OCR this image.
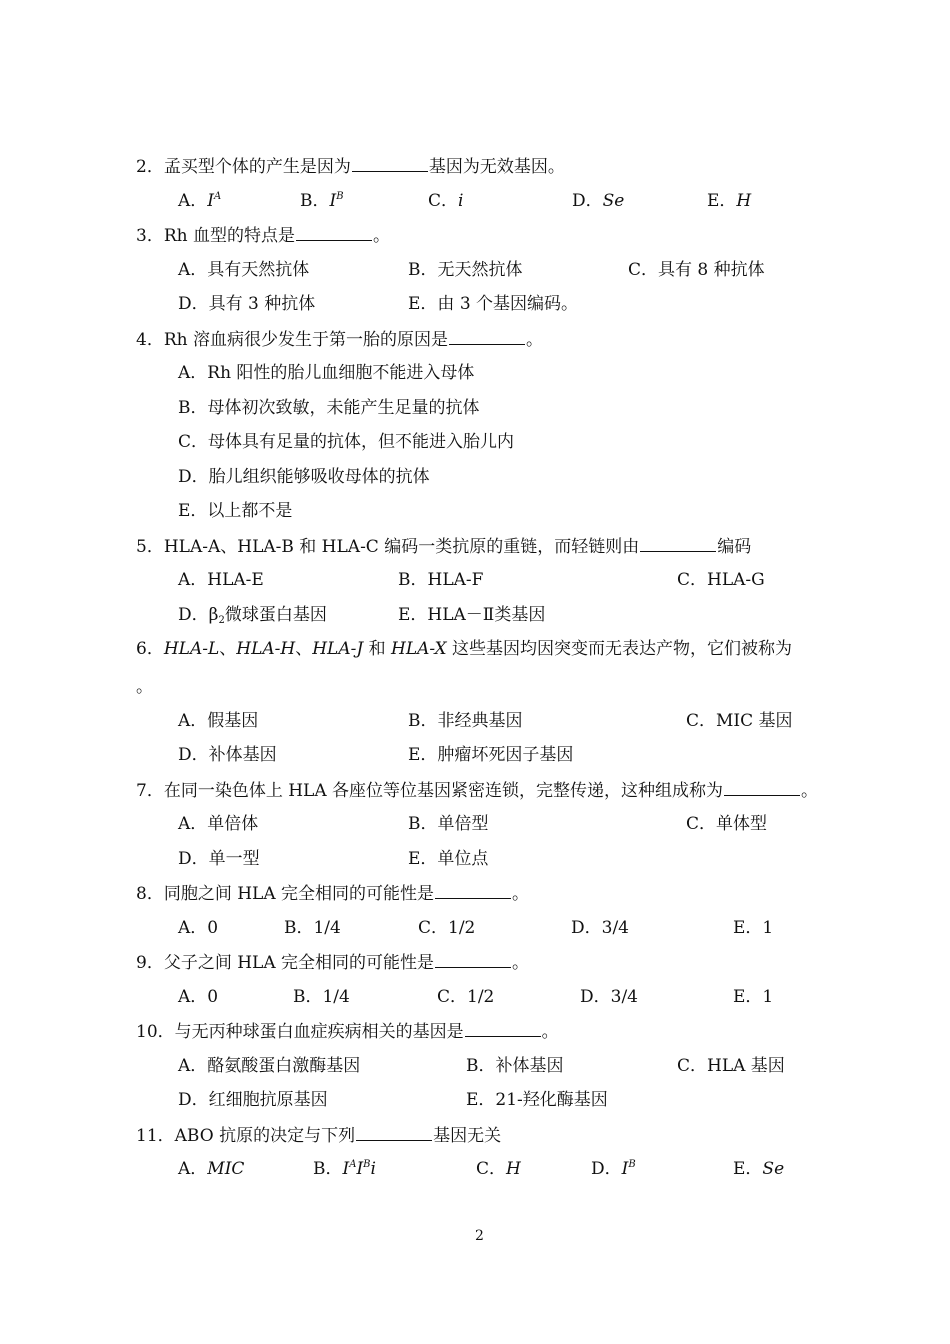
2．孟买型个体的产生是因为	基因为无效基因。
A．$I^A$	B．$I^B$	C．i	D．Se	E．H
3．Rh 血型的特点是	。
A．具有天然抗体	B．无天然抗体	C．具有 8 种抗体
D．具有 3 种抗体	E．由 3 个基因编码。
4．Rh 溶血病很少发生于第一胎的原因是	。
A．Rh 阳性的胎儿血细胞不能进入母体
B．母体初次致敏，未能产生足量的抗体
C．母体具有足量的抗体，但不能进入胎儿内
D．胎儿组织能够吸收母体的抗体
E．以上都不是
5．HLA-A、HLA-B 和 HLA-C 编码一类抗原的重链，而轻链则由	编码
A．HLA-E	B．HLA-F	C．HLA-G
D．$\beta_2$微球蛋白基因	E．HLA－Ⅱ类基因
6．HLA-L、HLA-H、HLA-J 和 HLA-X 这些基因均因突变而无表达产物，它们被称为
。
A．假基因	B．非经典基因	C．MIC 基因
D．补体基因	E．肿瘤坏死因子基因
7．在同一染色体上 HLA 各座位等位基因紧密连锁，完整传递，这种组成称为	。
A．单倍体	B．单倍型	C．单体型
D．单一型	E．单位点
8．同胞之间 HLA 完全相同的可能性是	。
A．0	B．1/4	C．1/2	D．3/4	E．1
9．父子之间 HLA 完全相同的可能性是	。
A．0	B．1/4	C．1/2	D．3/4	E．1
10．与无丙种球蛋白血症疾病相关的基因是	。
A．酪氨酸蛋白激酶基因	B．补体基因	C．HLA 基因
D．红细胞抗原基因	E．21-羟化酶基因
11．ABO 抗原的决定与下列	基因无关
A．MIC	B．$I^AI^Bi$	C．H	D．$I^B$	E．Se
2
